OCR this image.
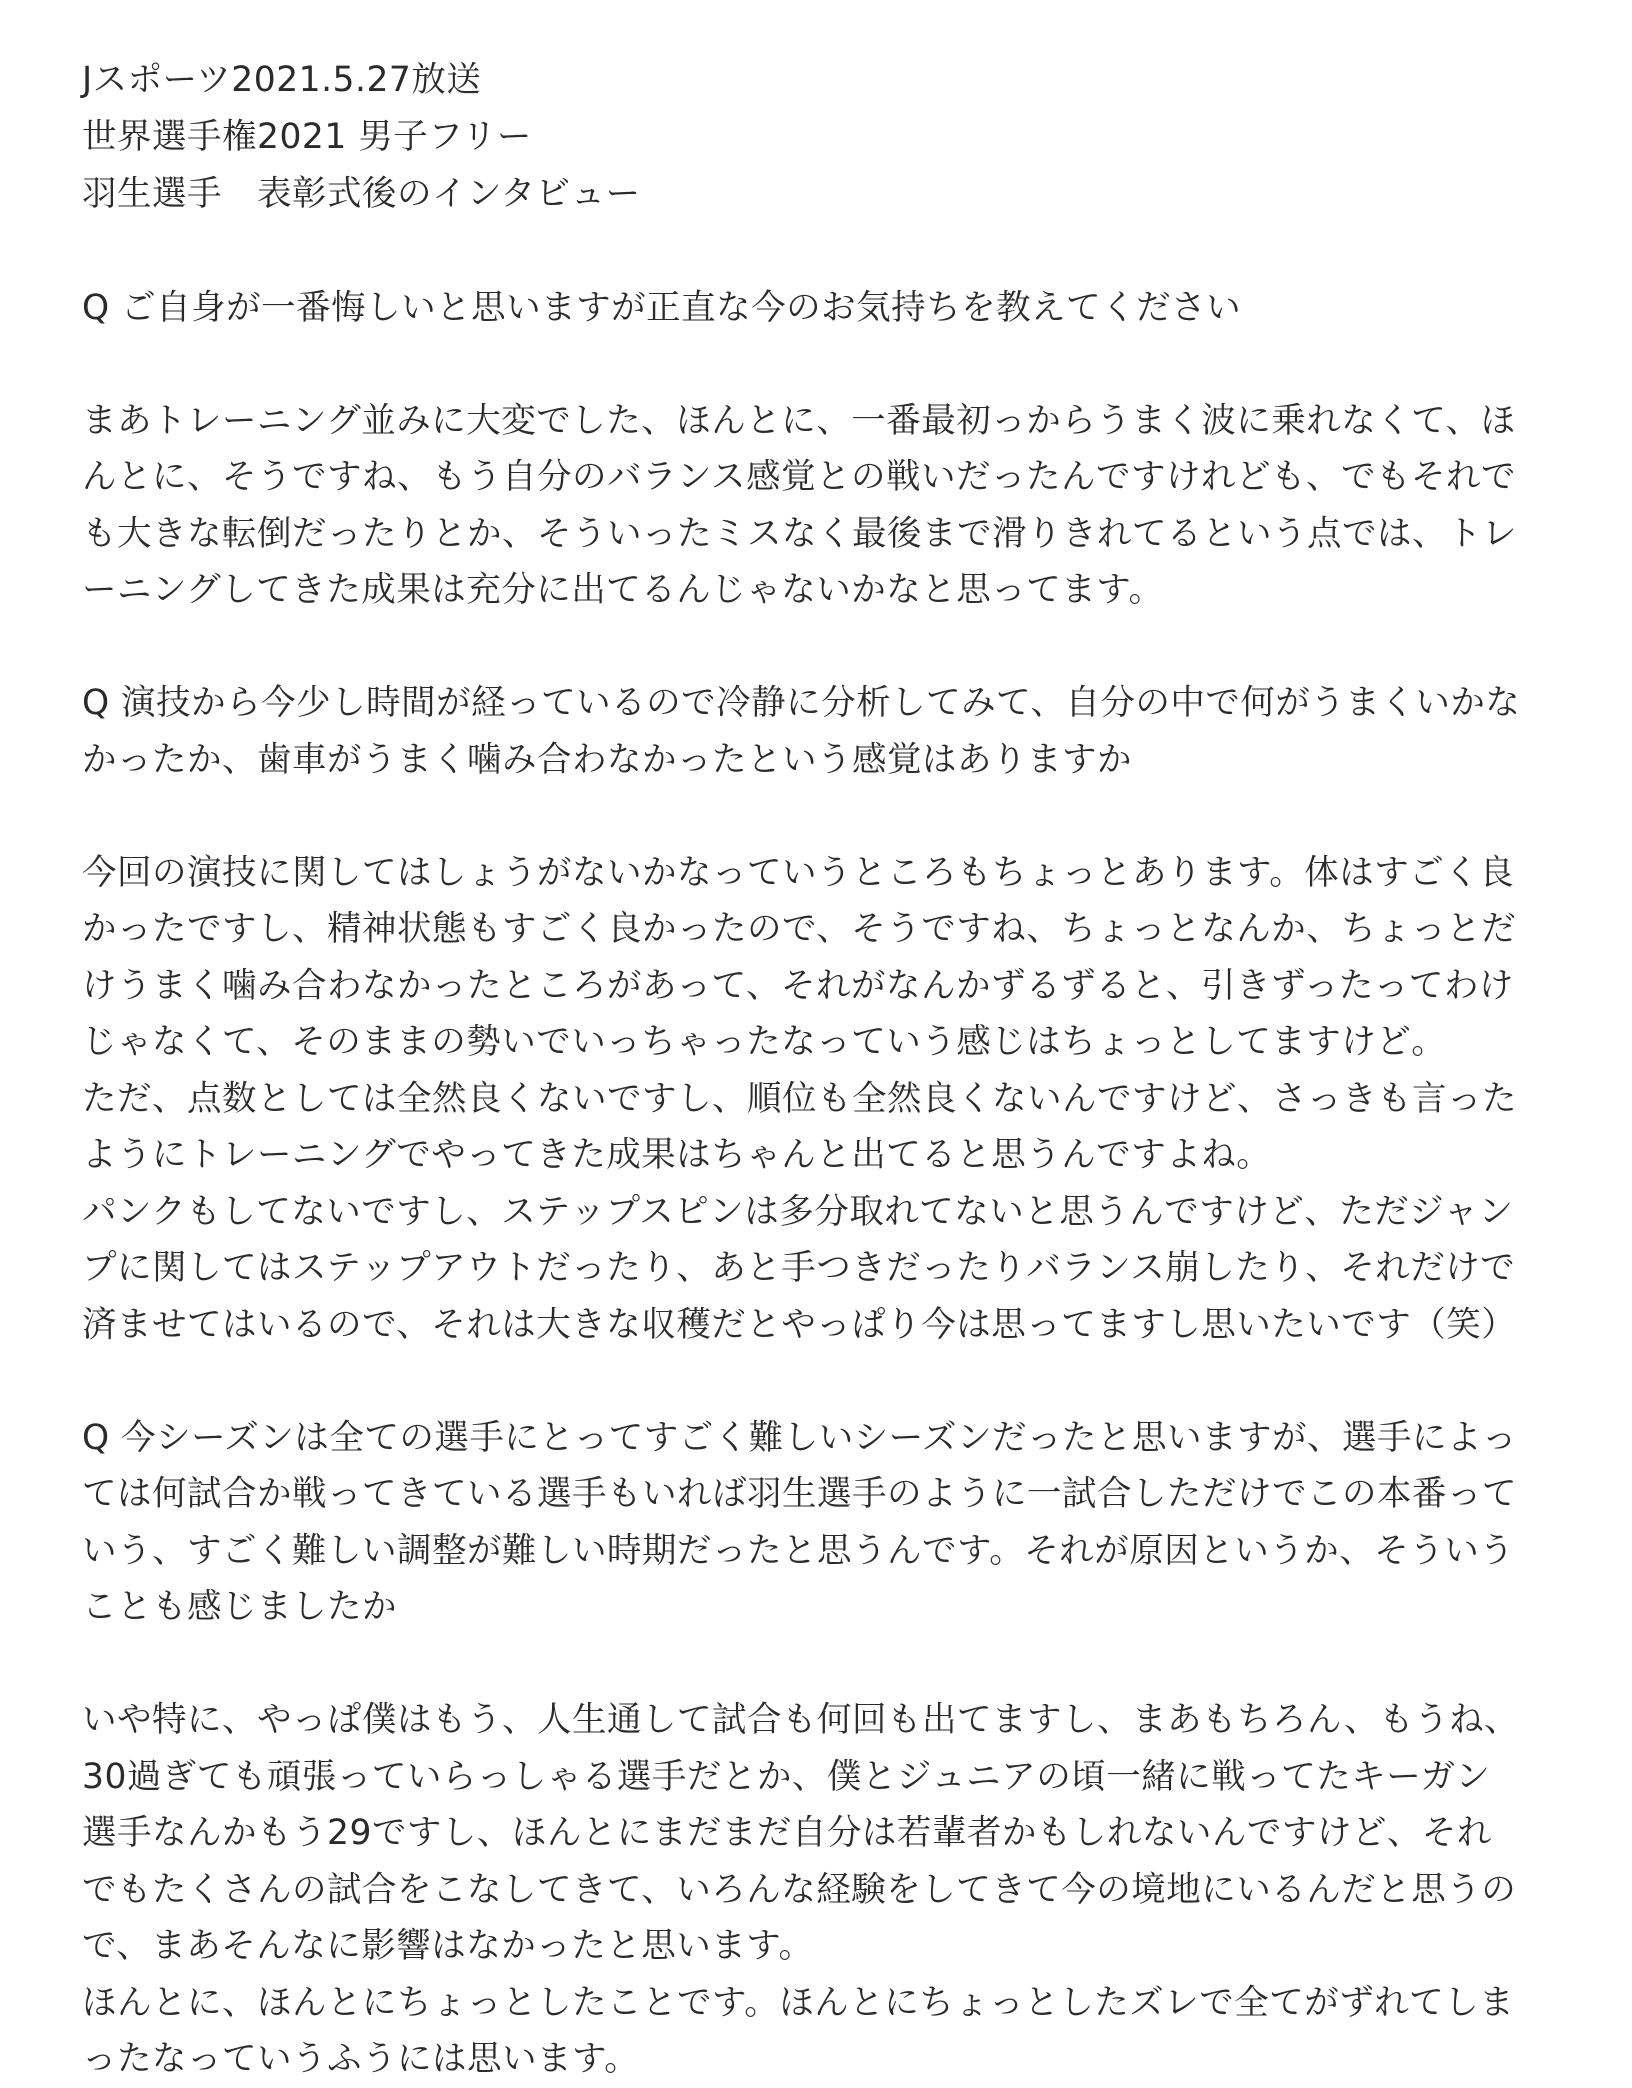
Jスポーツ2021.5.27放送
世界選手権2021 男子フリー
羽生選手　表彰式後のインタビュー
Q ご自身が一番悔しいと思いますが正直な今のお気持ちを教えてください
まあトレーニング並みに大変でした、ほんとに、一番最初っからうまく波に乗れなくて、ほ
んとに、そうですね、もう自分のバランス感覚との戦いだったんですけれども、でもそれで
も大きな転倒だったりとか、そういったミスなく最後まで滑りきれてるという点では、トレ
ーニングしてきた成果は充分に出てるんじゃないかなと思ってます。
Q 演技から今少し時間が経っているので冷静に分析してみて、自分の中で何がうまくいかな
かったか、歯車がうまく噛み合わなかったという感覚はありますか
今回の演技に関してはしょうがないかなっていうところもちょっとあります。体はすごく良
かったですし、精神状態もすごく良かったので、そうですね、ちょっとなんか、ちょっとだ
けうまく噛み合わなかったところがあって、それがなんかずるずると、引きずったってわけ
じゃなくて、そのままの勢いでいっちゃったなっていう感じはちょっとしてますけど。
ただ、点数としては全然良くないですし、順位も全然良くないんですけど、さっきも言った
ようにトレーニングでやってきた成果はちゃんと出てると思うんですよね。
パンクもしてないですし、ステップスピンは多分取れてないと思うんですけど、ただジャン
プに関してはステップアウトだったり、あと手つきだったりバランス崩したり、それだけで
済ませてはいるので、それは大きな収穫だとやっぱり今は思ってますし思いたいです（笑）
Q 今シーズンは全ての選手にとってすごく難しいシーズンだったと思いますが、選手によっ
ては何試合か戦ってきている選手もいれば羽生選手のように一試合しただけでこの本番って
いう、すごく難しい調整が難しい時期だったと思うんです。それが原因というか、そういう
ことも感じましたか
いや特に、やっぱ僕はもう、人生通して試合も何回も出てますし、まあもちろん、もうね、
30過ぎても頑張っていらっしゃる選手だとか、僕とジュニアの頃一緒に戦ってたキーガン
選手なんかもう29ですし、ほんとにまだまだ自分は若輩者かもしれないんですけど、それ
でもたくさんの試合をこなしてきて、いろんな経験をしてきて今の境地にいるんだと思うの
で、まあそんなに影響はなかったと思います。
ほんとに、ほんとにちょっとしたことです。ほんとにちょっとしたズレで全てがずれてしま
ったなっていうふうには思います。
